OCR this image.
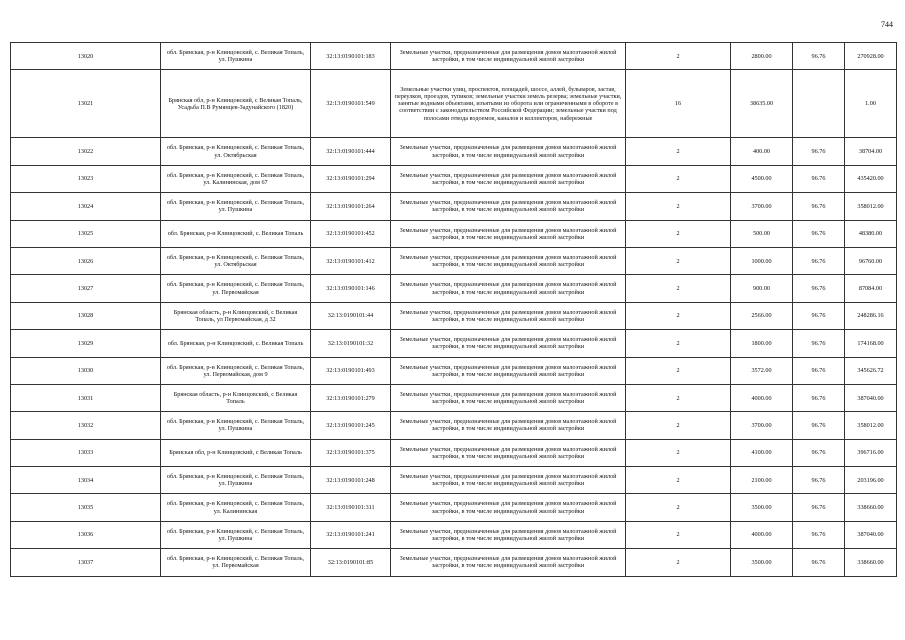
744
13020	обл. Брянская, р-н Клинцовский, с. Великая Топаль, ул. Пушкина	32:13:0190101:183	Земельные участки, предназначенные для размещения домов малоэтажной жилой застройки, в том числе индивидуальной жилой застройки	2	2800.00	96.76	270928.00
13021	Брянская обл, р-н Клинцовский, с Великая Топаль, Усадьба П.В Румянцев-Задунайского (1820)	32:13:0190101:549	Земельные участки улиц, проспектов, площадей, шоссе, аллей, бульваров, застав, переулков, проездов, тупиков; земельные участки земель резерва; земельные участки, занятые водными объектами, изъятыми из оборота или ограниченными в обороте в соответствии с законодательством Российской Федерации; земельные участки под полосами отвода водоемов, каналов и коллекторов, набережные	16	38635.00		1.00
13022	обл. Брянская, р-н Клинцовский, с. Великая Топаль, ул. Октябрьская	32:13:0190101:444	Земельные участки, предназначенные для размещения домов малоэтажной жилой застройки, в том числе индивидуальной жилой застройки	2	400.00	96.76	38704.00
13023	обл. Брянская, р-н Клинцовский, с. Великая Топаль, ул. Калининская, дом 67	32:13:0190101:294	Земельные участки, предназначенные для размещения домов малоэтажной жилой застройки, в том числе индивидуальной жилой застройки	2	4500.00	96.76	435420.00
13024	обл. Брянская, р-н Клинцовский, с. Великая Топаль, ул. Пушкина	32:13:0190101:264	Земельные участки, предназначенные для размещения домов малоэтажной жилой застройки, в том числе индивидуальной жилой застройки	2	3700.00	96.76	358012.00
13025	обл. Брянская, р-н Клинцовский, с. Великая Топаль	32:13:0190101:452	Земельные участки, предназначенные для размещения домов малоэтажной жилой застройки, в том числе индивидуальной жилой застройки	2	500.00	96.76	48380.00
13026	обл. Брянская, р-н Клинцовский, с. Великая Топаль, ул. Октябрьская	32:13:0190101:412	Земельные участки, предназначенные для размещения домов малоэтажной жилой застройки, в том числе индивидуальной жилой застройки	2	1000.00	96.76	96760.00
13027	обл. Брянская, р-н Клинцовский, с. Великая Топаль, ул. Первомайская	32:13:0190101:146	Земельные участки, предназначенные для размещения домов малоэтажной жилой застройки, в том числе индивидуальной жилой застройки	2	900.00	96.76	87084.00
13028	Брянская область, р-н Клинцовский, с Великая Топаль, ул Первомайская, д 32	32:13:0190101:44	Земельные участки, предназначенные для размещения домов малоэтажной жилой застройки, в том числе индивидуальной жилой застройки	2	2566.00	96.76	248286.16
13029	обл. Брянская, р-н Клинцовский, с. Великая Топаль	32:13:0190101:32	Земельные участки, предназначенные для размещения домов малоэтажной жилой застройки, в том числе индивидуальной жилой застройки	2	1800.00	96.76	174168.00
13030	обл. Брянская, р-н Клинцовский, с. Великая Топаль, ул. Первомайская, дом 9	32:13:0190101:493	Земельные участки, предназначенные для размещения домов малоэтажной жилой застройки, в том числе индивидуальной жилой застройки	2	3572.00	96.76	345626.72
13031	Брянская область, р-н Клинцовский, с Великая Топаль	32:13:0190101:279	Земельные участки, предназначенные для размещения домов малоэтажной жилой застройки, в том числе индивидуальной жилой застройки	2	4000.00	96.76	387040.00
13032	обл. Брянская, р-н Клинцовский, с. Великая Топаль, ул. Пушкина	32:13:0190101:245	Земельные участки, предназначенные для размещения домов малоэтажной жилой застройки, в том числе индивидуальной жилой застройки	2	3700.00	96.76	358012.00
13033	Брянская обл, р-н Клинцовский, с Великая Топаль	32:13:0190101:375	Земельные участки, предназначенные для размещения домов малоэтажной жилой застройки, в том числе индивидуальной жилой застройки	2	4100.00	96.76	396716.00
13034	обл. Брянская, р-н Клинцовский, с. Великая Топаль, ул. Пушкина	32:13:0190101:248	Земельные участки, предназначенные для размещения домов малоэтажной жилой застройки, в том числе индивидуальной жилой застройки	2	2100.00	96.76	203196.00
13035	обл. Брянская, р-н Клинцовский, с. Великая Топаль, ул. Калининская	32:13:0190101:311	Земельные участки, предназначенные для размещения домов малоэтажной жилой застройки, в том числе индивидуальной жилой застройки	2	3500.00	96.76	338660.00
13036	обл. Брянская, р-н Клинцовский, с. Великая Топаль, ул. Пушкина	32:13:0190101:241	Земельные участки, предназначенные для размещения домов малоэтажной жилой застройки, в том числе индивидуальной жилой застройки	2	4000.00	96.76	387040.00
13037	обл. Брянская, р-н Клинцовский, с. Великая Топаль, ул. Первомайская	32:13:0190101:85	Земельные участки, предназначенные для размещения домов малоэтажной жилой застройки, в том числе индивидуальной жилой застройки	2	3500.00	96.76	338660.00
